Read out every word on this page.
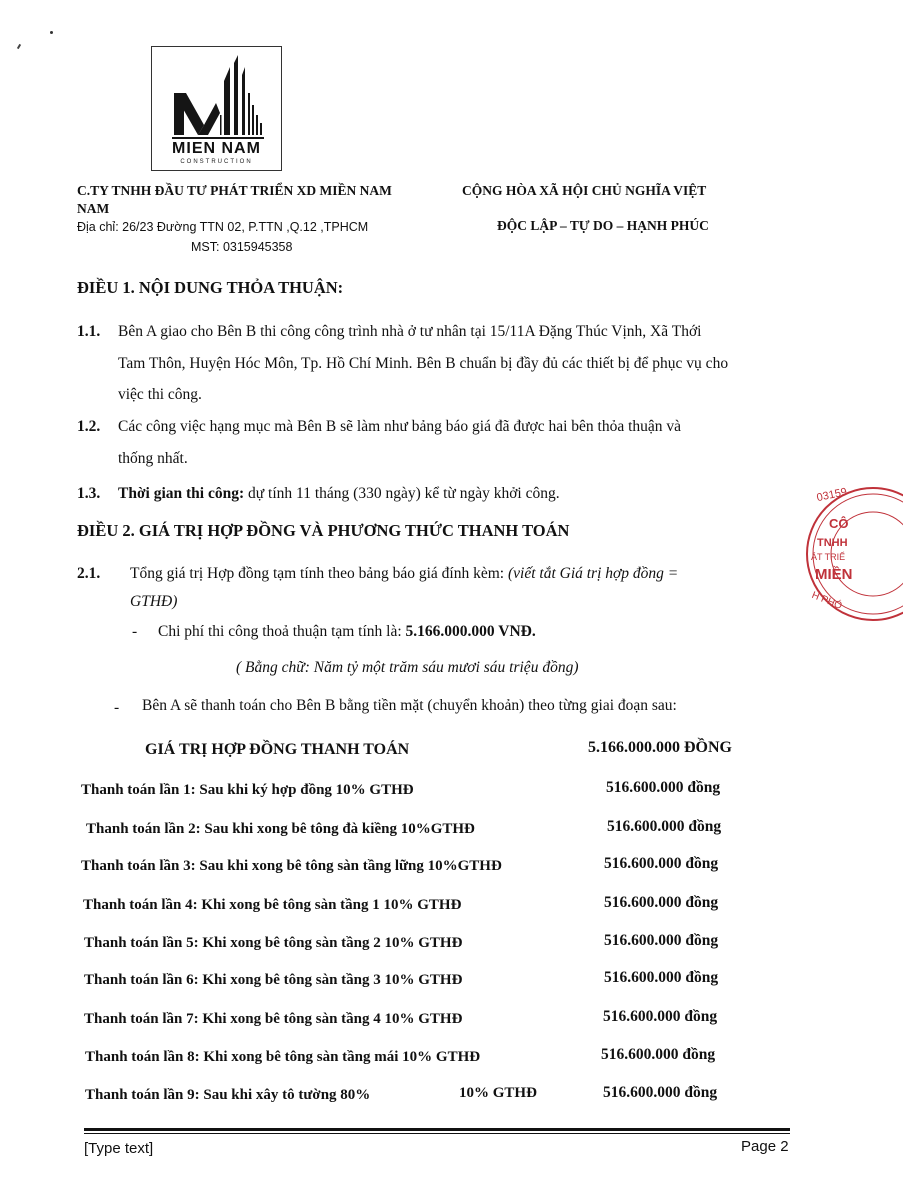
MIEN NAM
CONSTRUCTION
C.TY TNHH ĐẦU TƯ PHÁT TRIỂN XD MIỀN NAM
NAM
Địa chỉ: 26/23 Đường TTN 02, P.TTN ,Q.12 ,TPHCM
MST: 0315945358
CỘNG HÒA XÃ HỘI CHỦ NGHĨA VIỆT
ĐỘC LẬP – TỰ DO – HẠNH PHÚC
ĐIỀU 1. NỘI DUNG THỎA THUẬN:
1.1. Bên A giao cho Bên B thi công công trình nhà ở tư nhân tại 15/11A Đặng Thúc Vịnh, Xã Thới
Tam Thôn, Huyện Hóc Môn, Tp. Hồ Chí Minh. Bên B chuẩn bị đầy đủ các thiết bị để phục vụ cho
việc thi công.
1.2. Các công việc hạng mục mà Bên B sẽ làm như bảng báo giá đã được hai bên thỏa thuận và
thống nhất.
1.3. Thời gian thi công: dự tính 11 tháng (330 ngày) kể từ ngày khởi công.
ĐIỀU 2. GIÁ TRỊ HỢP ĐỒNG VÀ PHƯƠNG THỨC THANH TOÁN
2.1. Tổng giá trị Hợp đồng tạm tính theo bảng báo giá đính kèm: (viết tắt Giá trị hợp đồng =
GTHĐ)
- Chi phí thi công thoả thuận tạm tính là: 5.166.000.000 VNĐ.
( Bằng chữ: Năm tỷ một trăm sáu mươi sáu triệu đồng)
- Bên A sẽ thanh toán cho Bên B bằng tiền mặt (chuyển khoản) theo từng giai đoạn sau:
GIÁ TRỊ HỢP ĐỒNG THANH TOÁN	5.166.000.000 ĐỒNG
Thanh toán lần 1: Sau khi ký hợp đồng 10% GTHĐ	516.600.000 đồng
Thanh toán lần 2: Sau khi xong bê tông đà kiềng 10%GTHĐ	516.600.000 đồng
Thanh toán lần 3: Sau khi xong bê tông sàn tầng lững 10%GTHĐ	516.600.000 đồng
Thanh toán lần 4: Khi xong bê tông sàn tầng 1 10% GTHĐ	516.600.000 đồng
Thanh toán lần 5: Khi xong bê tông sàn tầng 2 10% GTHĐ	516.600.000 đồng
Thanh toán lần 6: Khi xong bê tông sàn tầng 3 10% GTHĐ	516.600.000 đồng
Thanh toán lần 7: Khi xong bê tông sàn tầng 4 10% GTHĐ	516.600.000 đồng
Thanh toán lần 8: Khi xong bê tông sàn tầng mái 10% GTHĐ	516.600.000 đồng
Thanh toán lần 9: Sau khi xây tô tường 80%	10% GTHĐ	516.600.000 đồng
[Type text]	Page 2
03159
CÔ
TNHH
ÁT TRIỂ
MIỀN
H PHÓ
